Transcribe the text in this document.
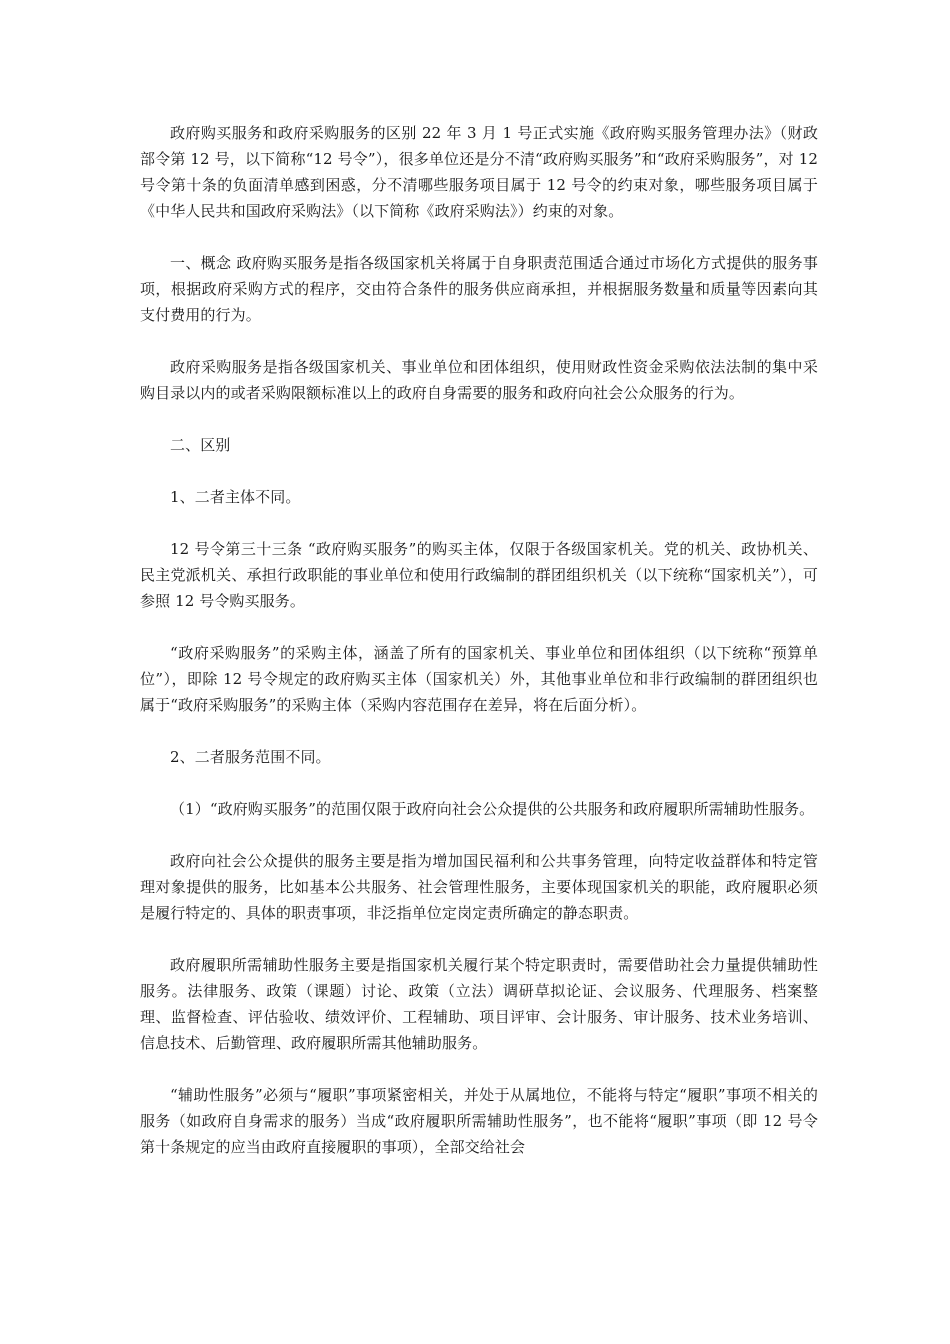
政府购买服务和政府采购服务的区别 22 年 3 月 1 号正式实施《政府购买服务管理办法》（财政部令第 12 号，以下简称“12 号令”），很多单位还是分不清“政府购买服务”和“政府采购服务”，对 12 号令第十条的负面清单感到困惑，分不清哪些服务项目属于 12 号令的约束对象，哪些服务项目属于《中华人民共和国政府采购法》（以下简称《政府采购法》）约束的对象。

一、概念 政府购买服务是指各级国家机关将属于自身职责范围适合通过市场化方式提供的服务事项，根据政府采购方式的程序，交由符合条件的服务供应商承担，并根据服务数量和质量等因素向其支付费用的行为。

政府采购服务是指各级国家机关、事业单位和团体组织，使用财政性资金采购依法法制的集中采购目录以内的或者采购限额标准以上的政府自身需要的服务和政府向社会公众服务的行为。

二、区别

1、二者主体不同。

12 号令第三十三条 “政府购买服务”的购买主体，仅限于各级国家机关。党的机关、政协机关、民主党派机关、承担行政职能的事业单位和使用行政编制的群团组织机关（以下统称“国家机关”），可参照 12 号令购买服务。

“政府采购服务”的采购主体，涵盖了所有的国家机关、事业单位和团体组织（以下统称“预算单位”），即除 12 号令规定的政府购买主体（国家机关）外，其他事业单位和非行政编制的群团组织也属于“政府采购服务”的采购主体（采购内容范围存在差异，将在后面分析）。

2、二者服务范围不同。

（1）“政府购买服务”的范围仅限于政府向社会公众提供的公共服务和政府履职所需辅助性服务。

政府向社会公众提供的服务主要是指为增加国民福利和公共事务管理，向特定收益群体和特定管理对象提供的服务，比如基本公共服务、社会管理性服务，主要体现国家机关的职能，政府履职必须是履行特定的、具体的职责事项，非泛指单位定岗定责所确定的静态职责。

政府履职所需辅助性服务主要是指国家机关履行某个特定职责时，需要借助社会力量提供辅助性服务。法律服务、政策（课题）讨论、政策（立法）调研草拟论证、会议服务、代理服务、档案整理、监督检查、评估验收、绩效评价、工程辅助、项目评审、会计服务、审计服务、技术业务培训、信息技术、后勤管理、政府履职所需其他辅助服务。

“辅助性服务”必须与“履职”事项紧密相关，并处于从属地位，不能将与特定“履职”事项不相关的服务（如政府自身需求的服务）当成“政府履职所需辅助性服务”，也不能将“履职”事项（即 12 号令第十条规定的应当由政府直接履职的事项），全部交给社会
